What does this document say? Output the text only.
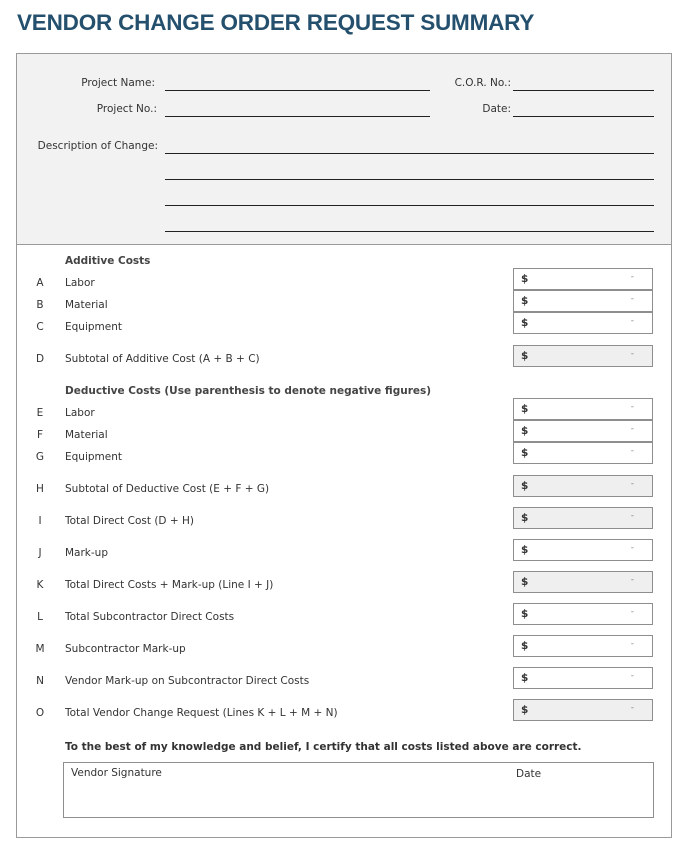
VENDOR CHANGE ORDER REQUEST SUMMARY
Project Name:
Project No.:
C.O.R. No.:
Date:
Description of Change:
Additive Costs
A	Labor	$	-
B	Material	$	-
C	Equipment	$	-
D Subtotal of Additive Cost (A + B + C)	$	-
Deductive Costs (Use parenthesis to denote negative figures)
E	Labor	$	-
F	Material	$	-
G Equipment	$	-
H Subtotal of Deductive Cost (E + F + G)	$	-
I	Total Direct Cost (D + H)	$	-
J	Mark-up	$	-
K	Total Direct Costs + Mark-up (Line I + J)	$	-
L	Total Subcontractor Direct Costs	$	-
M Subcontractor Mark-up	$	-
N Vendor Mark-up on Subcontractor Direct Costs	$	-
O Total Vendor Change Request (Lines K + L + M + N)	$	-
To the best of my knowledge and belief, I certify that all costs listed above are correct.
Vendor Signature	Date
